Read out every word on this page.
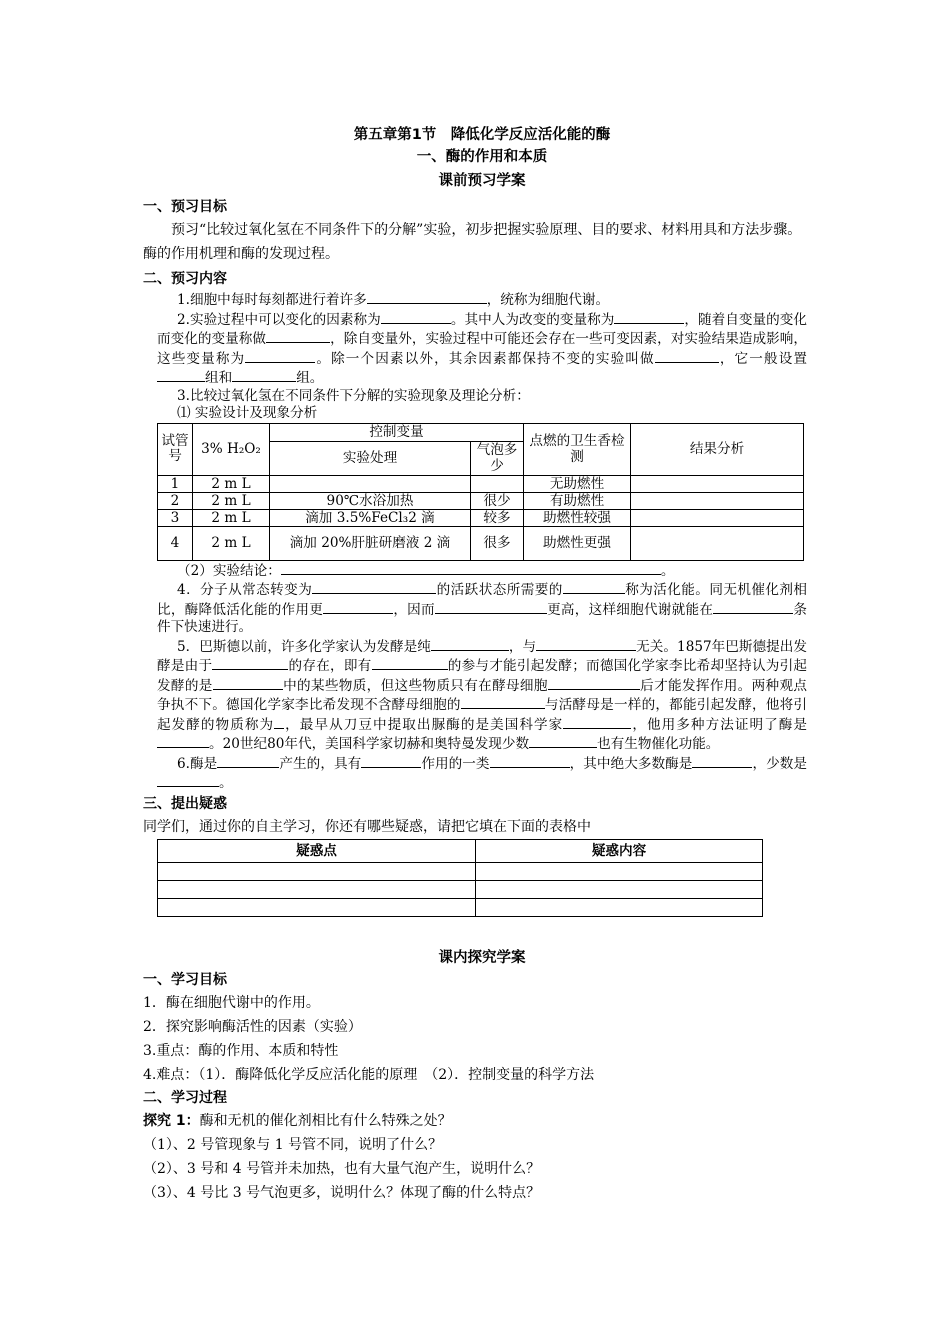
第五章第1节　降低化学反应活化能的酶
一、酶的作用和本质
课前预习学案
一、预习目标
预习“比较过氧化氢在不同条件下的分解”实验，初步把握实验原理、目的要求、材料用具和方法步骤。酶的作用机理和酶的发现过程。
二、预习内容
1.细胞中每时每刻都进行着许多	，统称为细胞代谢。
2.实验过程中可以变化的因素称为	。其中人为改变的变量称为	，随着自变量的变化而变化的变量称做	，除自变量外，实验过程中可能还会存在一些可变因素，对实验结果造成影响，这些变量称为	。除一个因素以外，其余因素都保持不变的实验叫做	，它一般设置组和	组。
3.比较过氧化氢在不同条件下分解的实验现象及理论分析：
⑴ 实验设计及现象分析
试管号	3% H₂O₂	控制变量		点燃的卫生香检测	结果分析
		实验处理	气泡多少		
1	2 m L			无助燃性	
2	2 m L	90℃水浴加热	很少	有助燃性	
3	2 m L	滴加 3.5%FeCl₃2 滴	较多	助燃性较强	
4	2 m L	滴加 20%肝脏研磨液 2 滴	很多	助燃性更强	
（2）实验结论：	。
4．分子从常态转变为	的活跃状态所需要的	称为活化能。同无机催化剂相比，酶降低活化能的作用更	，因而	更高，这样细胞代谢就能在	条件下快速进行。
5．巴斯德以前，许多化学家认为发酵是纯	，与	无关。1857年巴斯德提出发酵是由于	的存在，即有	的参与才能引起发酵；而德国化学家李比希却坚持认为引起发酵的是	中的某些物质，但这些物质只有在酵母细胞	后才能发挥作用。两种观点争执不下。德国化学家李比希发现不含酵母细胞的	与活酵母是一样的，都能引起发酵，他将引起发酵的物质称为 ，最早从刀豆中提取出脲酶的是美国科学家	，他用多种方法证明了酶是。20世纪80年代，美国科学家切赫和奥特曼发现少数	也有生物催化功能。
6.酶是	产生的，具有	作用的一类	，其中绝大多数酶是	，少数是。
三、提出疑惑
同学们，通过你的自主学习，你还有哪些疑惑，请把它填在下面的表格中
疑惑点	疑惑内容

课内探究学案
一、学习目标
1．酶在细胞代谢中的作用。
2．探究影响酶活性的因素（实验）
3.重点：酶的作用、本质和特性
4.难点：（1）．酶降低化学反应活化能的原理　（2）．控制变量的科学方法
二、学习过程
探究 1：酶和无机的催化剂相比有什么特殊之处？
（1）、2 号管现象与 1 号管不同，说明了什么？
（2）、3 号和 4 号管并未加热，也有大量气泡产生，说明什么？
（3）、4 号比 3 号气泡更多，说明什么？体现了酶的什么特点？
